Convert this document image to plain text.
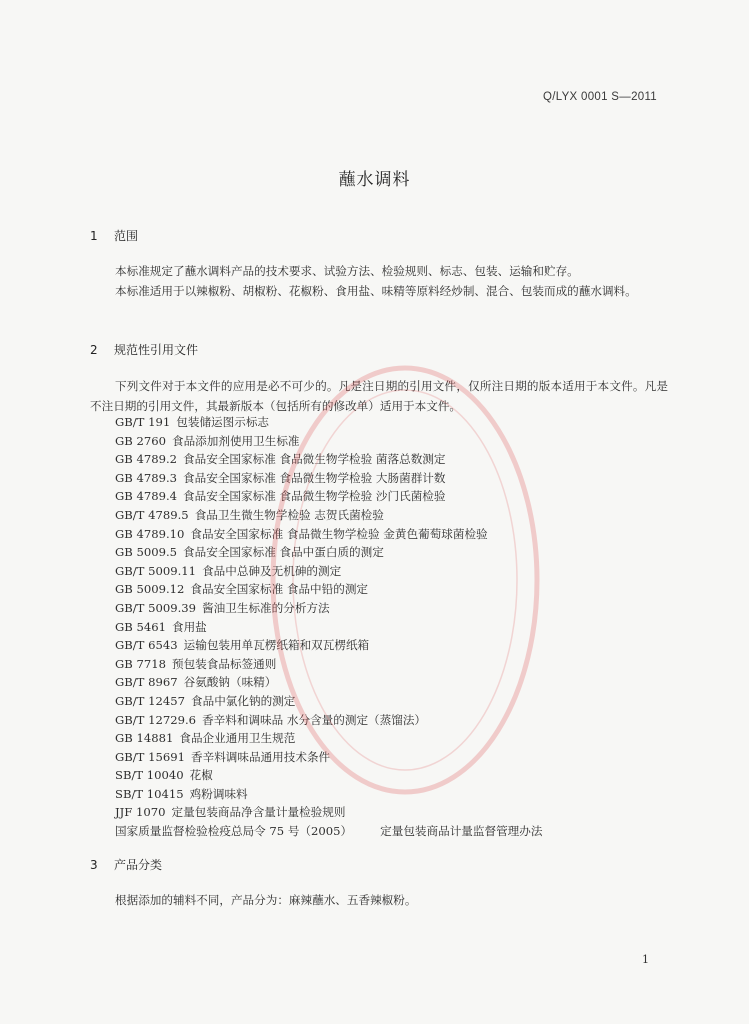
Q/LYX 0001 S—2011
蘸水调料
1 范围
本标准规定了蘸水调料产品的技术要求、试验方法、检验规则、标志、包装、运输和贮存。
本标准适用于以辣椒粉、胡椒粉、花椒粉、食用盐、味精等原料经炒制、混合、包装而成的蘸水调料。
2 规范性引用文件
下列文件对于本文件的应用是必不可少的。凡是注日期的引用文件，仅所注日期的版本适用于本文件。凡是不注日期的引用文件，其最新版本（包括所有的修改单）适用于本文件。
GB/T 191 包装储运图示标志
GB 2760 食品添加剂使用卫生标准
GB 4789.2 食品安全国家标准 食品微生物学检验 菌落总数测定
GB 4789.3 食品安全国家标准 食品微生物学检验 大肠菌群计数
GB 4789.4 食品安全国家标准 食品微生物学检验 沙门氏菌检验
GB/T 4789.5 食品卫生微生物学检验 志贺氏菌检验
GB 4789.10 食品安全国家标准 食品微生物学检验 金黄色葡萄球菌检验
GB 5009.5 食品安全国家标准 食品中蛋白质的测定
GB/T 5009.11 食品中总砷及无机砷的测定
GB 5009.12 食品安全国家标准 食品中铅的测定
GB/T 5009.39 酱油卫生标准的分析方法
GB 5461 食用盐
GB/T 6543 运输包装用单瓦楞纸箱和双瓦楞纸箱
GB 7718 预包装食品标签通则
GB/T 8967 谷氨酸钠（味精）
GB/T 12457 食品中氯化钠的测定
GB/T 12729.6 香辛料和调味品 水分含量的测定（蒸馏法）
GB 14881 食品企业通用卫生规范
GB/T 15691 香辛料调味品通用技术条件
SB/T 10040 花椒
SB/T 10415 鸡粉调味料
JJF 1070 定量包装商品净含量计量检验规则
国家质量监督检验检疫总局令 75 号（2005） 定量包装商品计量监督管理办法
3 产品分类
根据添加的辅料不同，产品分为：麻辣蘸水、五香辣椒粉。
1
